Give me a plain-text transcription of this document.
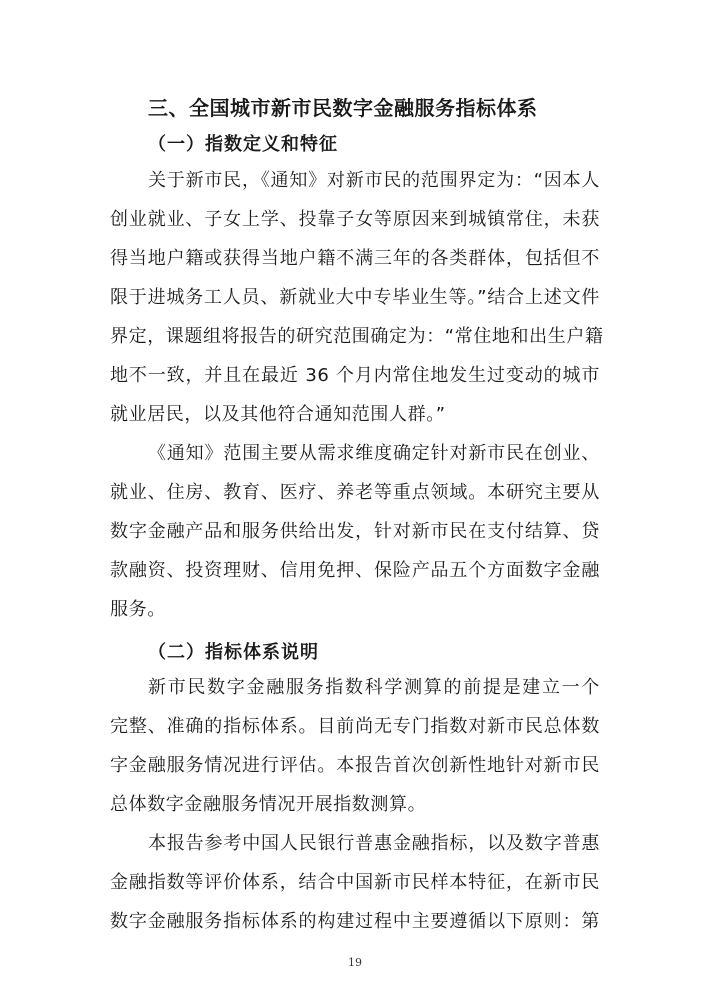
三、全国城市新市民数字金融服务指标体系
（一）指数定义和特征
关于新市民，《通知》对新市民的范围界定为：“因本人
创业就业、子女上学、投靠子女等原因来到城镇常住，未获
得当地户籍或获得当地户籍不满三年的各类群体，包括但不
限于进城务工人员、新就业大中专毕业生等。”结合上述文件
界定，课题组将报告的研究范围确定为：“常住地和出生户籍
地不一致，并且在最近 36 个月内常住地发生过变动的城市
就业居民，以及其他符合通知范围人群。”
《通知》范围主要从需求维度确定针对新市民在创业、
就业、住房、教育、医疗、养老等重点领域。本研究主要从
数字金融产品和服务供给出发，针对新市民在支付结算、贷
款融资、投资理财、信用免押、保险产品五个方面数字金融
服务。
（二）指标体系说明
新市民数字金融服务指数科学测算的前提是建立一个
完整、准确的指标体系。目前尚无专门指数对新市民总体数
字金融服务情况进行评估。本报告首次创新性地针对新市民
总体数字金融服务情况开展指数测算。
本报告参考中国人民银行普惠金融指标，以及数字普惠
金融指数等评价体系，结合中国新市民样本特征，在新市民
数字金融服务指标体系的构建过程中主要遵循以下原则：第
19
